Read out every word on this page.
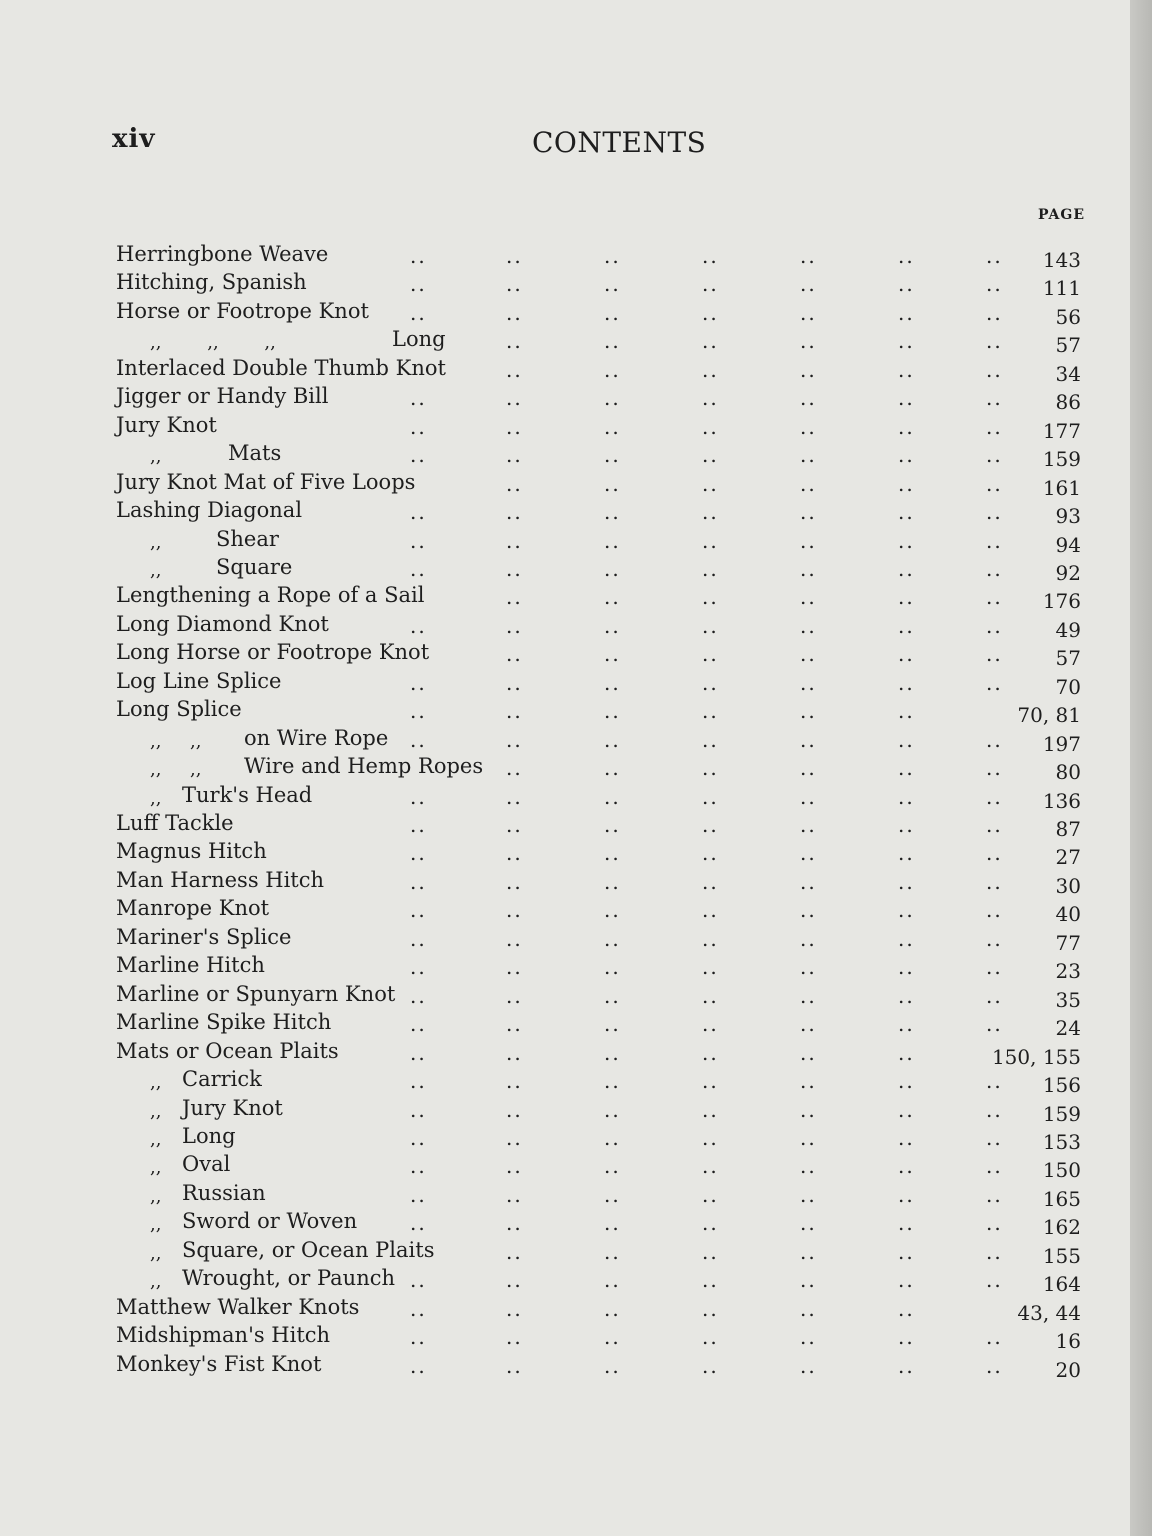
xiv	CONTENTS
PAGE
Herringbone Weave	..	..	..	..	..	..	.. 143
Hitching, Spanish	..	..	..	..	..	..	.. 111
Horse or Footrope Knot ..	..	..	..	..	..	..	56
,,        ,,        ,,	Long	..	..	..	..	..	..	57
Interlaced Double Thumb Knot	..	..	..	..	..	..	34
Jigger or Handy Bill	..	..	..	..	..	..	..	86
Jury Knot	..	..	..	..	..	..	.. 177
,,	Mats	..	..	..	..	..	..	.. 159
Jury Knot Mat of Five Loops	..	..	..	..	..	.. 161
Lashing Diagonal	..	..	..	..	..	..	..	93
,,	Shear	..	..	..	..	..	..	..	94
,,	Square	..	..	..	..	..	..	..	92
Lengthening a Rope of a Sail	..	..	..	..	..	.. 176
Long Diamond Knot	..	..	..	..	..	..	..	49
Long Horse or Footrope Knot	..	..	..	..	..	..	57
Log Line Splice	..	..	..	..	..	..	..	70
Long Splice	..	..	..	..	..	..	70, 81
,,     ,, on Wire Rope ..	..	..	..	..	..	.. 197
,,     ,, Wire and Hemp Ropes ..	..	..	..	..	..	80
,, Turk's Head	..	..	..	..	..	..	.. 136
Luff Tackle	..	..	..	..	..	..	..	87
Magnus Hitch	..	..	..	..	..	..	..	27
Man Harness Hitch	..	..	..	..	..	..	..	30
Manrope Knot	..	..	..	..	..	..	..	40
Mariner's Splice	..	..	..	..	..	..	..	77
Marline Hitch	..	..	..	..	..	..	..	23
Marline or Spunyarn Knot ..	..	..	..	..	..	..	35
Marline Spike Hitch	..	..	..	..	..	..	..	24
Mats or Ocean Plaits	..	..	..	..	..	..	150, 155
,, Carrick	..	..	..	..	..	..	.. 156
,, Jury Knot	..	..	..	..	..	..	.. 159
,, Long	..	..	..	..	..	..	.. 153
,, Oval	..	..	..	..	..	..	.. 150
,, Russian	..	..	..	..	..	..	.. 165
,, Sword or Woven	..	..	..	..	..	..	.. 162
,, Square, or Ocean Plaits	..	..	..	..	..	.. 155
,, Wrought, or Paunch ..	..	..	..	..	..	.. 164
Matthew Walker Knots	..	..	..	..	..	..	43, 44
Midshipman's Hitch	..	..	..	..	..	..	..	16
Monkey's Fist Knot	..	..	..	..	..	..	..	20
